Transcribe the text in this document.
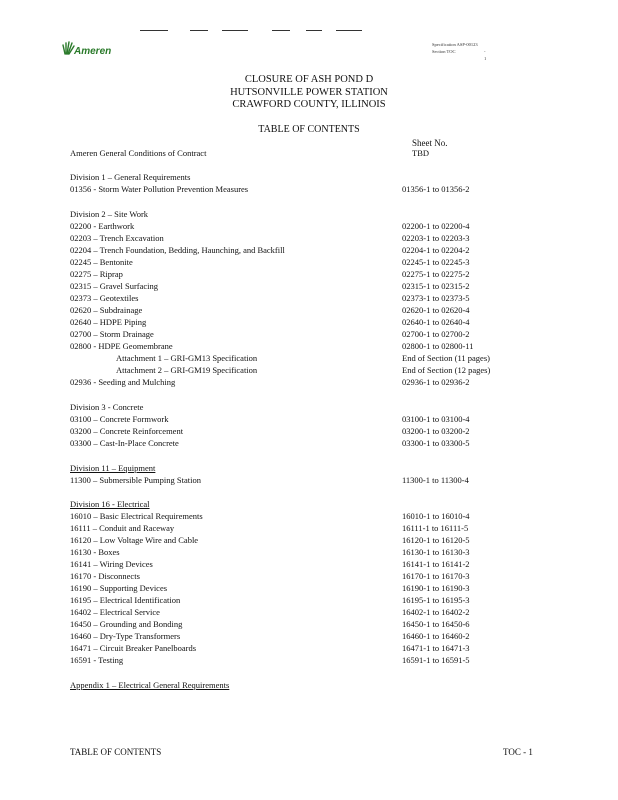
Ameren
Specification ASP-00123
Section TOC	- 1
CLOSURE OF ASH POND D
HUTSONVILLE POWER STATION
CRAWFORD COUNTY, ILLINOIS
TABLE OF CONTENTS
Sheet No.
Ameren General Conditions of Contract	TBD
Division 1 – General Requirements
01356 - Storm Water Pollution Prevention Measures	01356-1 to 01356-2
Division 2 – Site Work
02200 - Earthwork	02200-1 to 02200-4
02203 – Trench Excavation	02203-1 to 02203-3
02204 – Trench Foundation, Bedding, Haunching, and Backfill	02204-1 to 02204-2
02245 – Bentonite	02245-1 to 02245-3
02275 – Riprap	02275-1 to 02275-2
02315 – Gravel Surfacing	02315-1 to 02315-2
02373 – Geotextiles	02373-1 to 02373-5
02620 – Subdrainage	02620-1 to 02620-4
02640 – HDPE Piping	02640-1 to 02640-4
02700 – Storm Drainage	02700-1 to 02700-2
02800 - HDPE Geomembrane	02800-1 to 02800-11
Attachment 1 – GRI-GM13 Specification	End of Section (11 pages)
Attachment 2 – GRI-GM19 Specification	End of Section (12 pages)
02936 - Seeding and Mulching	02936-1 to 02936-2
Division 3 - Concrete
03100 – Concrete Formwork	03100-1 to 03100-4
03200 – Concrete Reinforcement	03200-1 to 03200-2
03300 – Cast-In-Place Concrete	03300-1 to 03300-5
Division 11 – Equipment
11300 – Submersible Pumping Station	11300-1 to 11300-4
Division 16 - Electrical
16010 – Basic Electrical Requirements	16010-1 to 16010-4
16111 – Conduit and Raceway	16111-1 to 16111-5
16120 – Low Voltage Wire and Cable	16120-1 to 16120-5
16130 - Boxes	16130-1 to 16130-3
16141 – Wiring Devices	16141-1 to 16141-2
16170 - Disconnects	16170-1 to 16170-3
16190 – Supporting Devices	16190-1 to 16190-3
16195 – Electrical Identification	16195-1 to 16195-3
16402 – Electrical Service	16402-1 to 16402-2
16450 – Grounding and Bonding	16450-1 to 16450-6
16460 – Dry-Type Transformers	16460-1 to 16460-2
16471 – Circuit Breaker Panelboards	16471-1 to 16471-3
16591 - Testing	16591-1 to 16591-5
Appendix 1 – Electrical General Requirements
TABLE OF CONTENTS	TOC - 1
